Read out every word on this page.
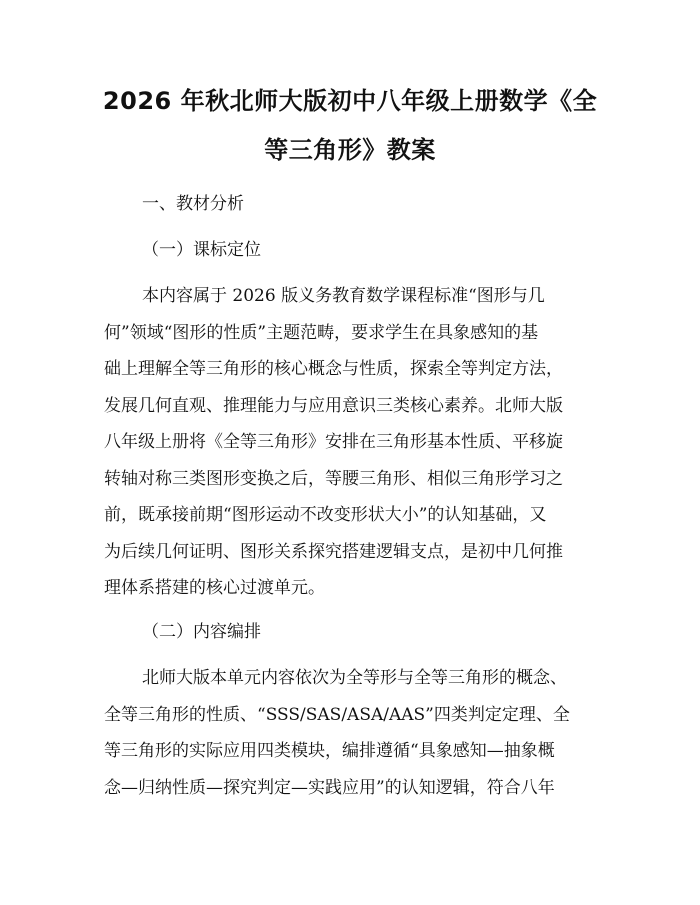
2026 年秋北师大版初中八年级上册数学《全
等三角形》教案
一、教材分析
（一）课标定位
本内容属于 2026 版义务教育数学课程标准“图形与几
何”领域“图形的性质”主题范畴，要求学生在具象感知的基
础上理解全等三角形的核心概念与性质，探索全等判定方法，
发展几何直观、推理能力与应用意识三类核心素养。北师大版
八年级上册将《全等三角形》安排在三角形基本性质、平移旋
转轴对称三类图形变换之后，等腰三角形、相似三角形学习之
前，既承接前期“图形运动不改变形状大小”的认知基础，又
为后续几何证明、图形关系探究搭建逻辑支点，是初中几何推
理体系搭建的核心过渡单元。
（二）内容编排
北师大版本单元内容依次为全等形与全等三角形的概念、
全等三角形的性质、“SSS/SAS/ASA/AAS”四类判定定理、全
等三角形的实际应用四类模块，编排遵循“具象感知—抽象概
念—归纳性质—探究判定—实践应用”的认知逻辑，符合八年
